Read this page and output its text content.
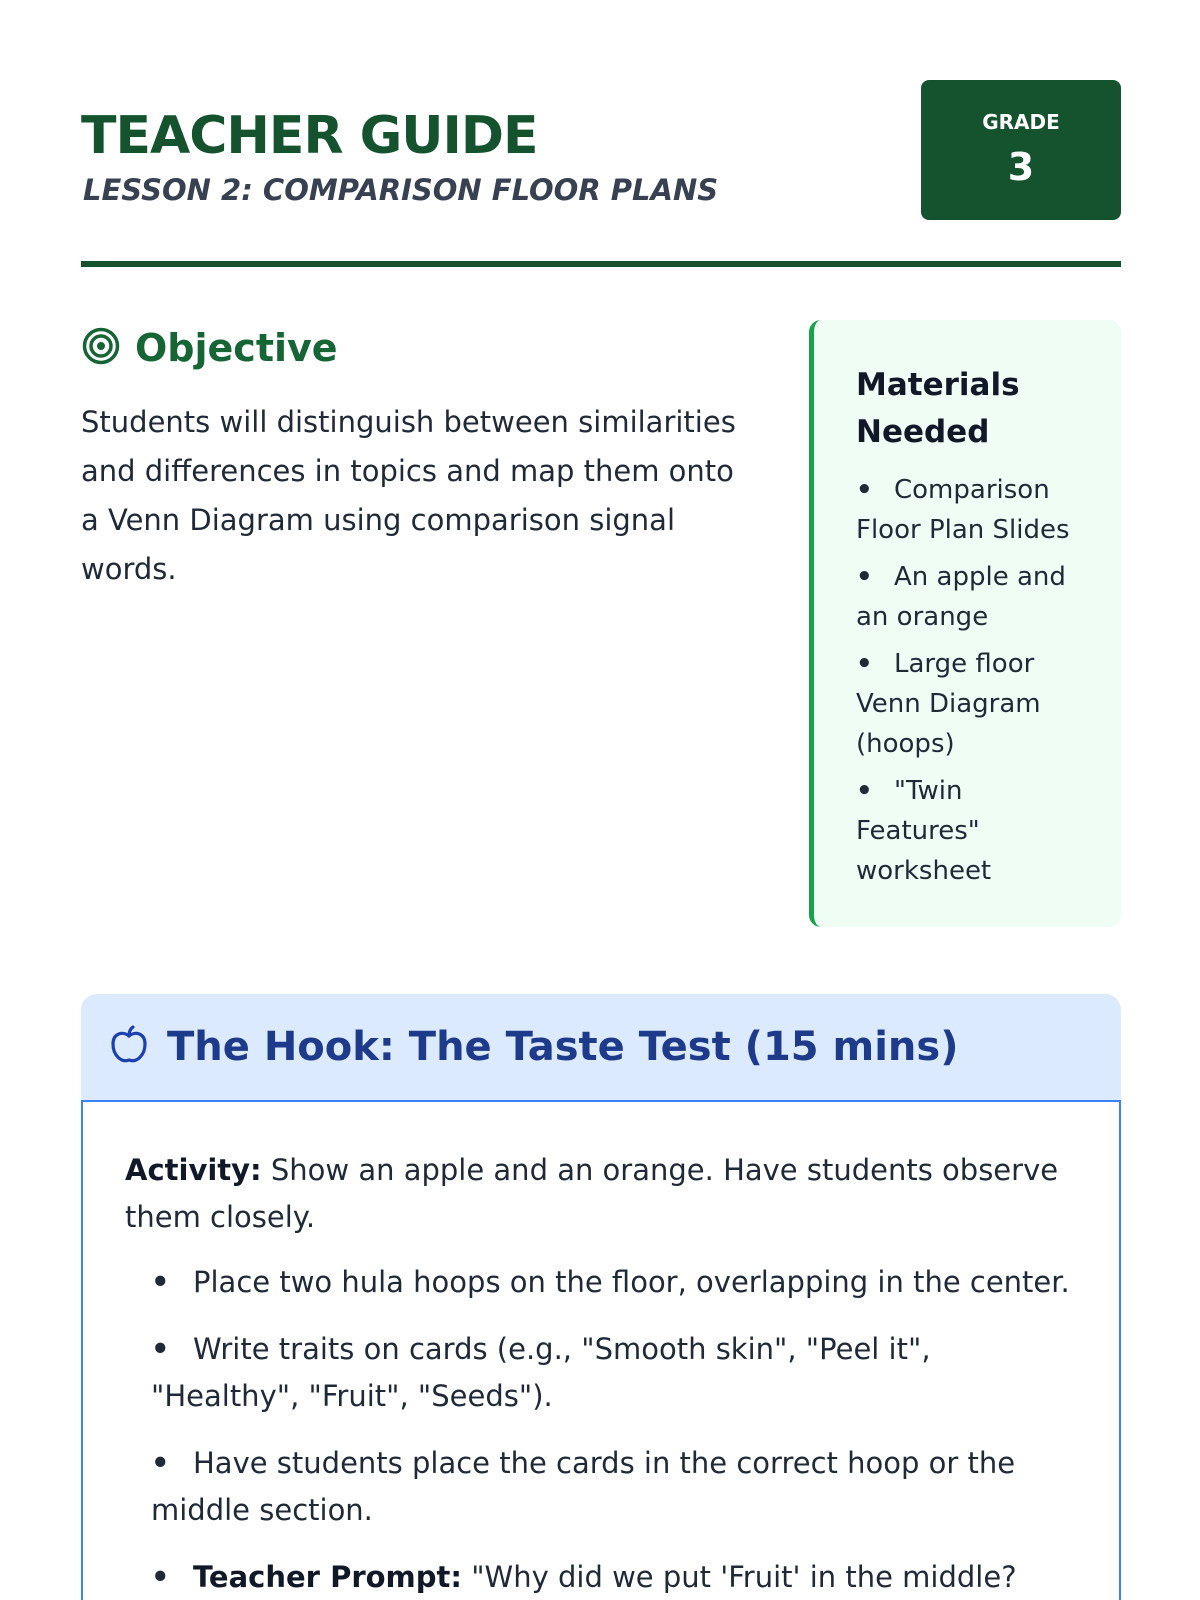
TEACHER GUIDE
LESSON 2: COMPARISON FLOOR PLANS
GRADE
3
Objective

Students will distinguish between similarities and differences in topics and map them onto a Venn Diagram using comparison signal words.

Materials Needed
• Comparison Floor Plan Slides
• An apple and an orange
• Large floor Venn Diagram (hoops)
• "Twin Features" worksheet
The Hook: The Taste Test (15 mins)

Activity: Show an apple and an orange. Have students observe them closely.

• Place two hula hoops on the floor, overlapping in the center.
• Write traits on cards (e.g., "Smooth skin", "Peel it", "Healthy", "Fruit", "Seeds").
• Have students place the cards in the correct hoop or the middle section.
• Teacher Prompt: "Why did we put 'Fruit' in the middle?
